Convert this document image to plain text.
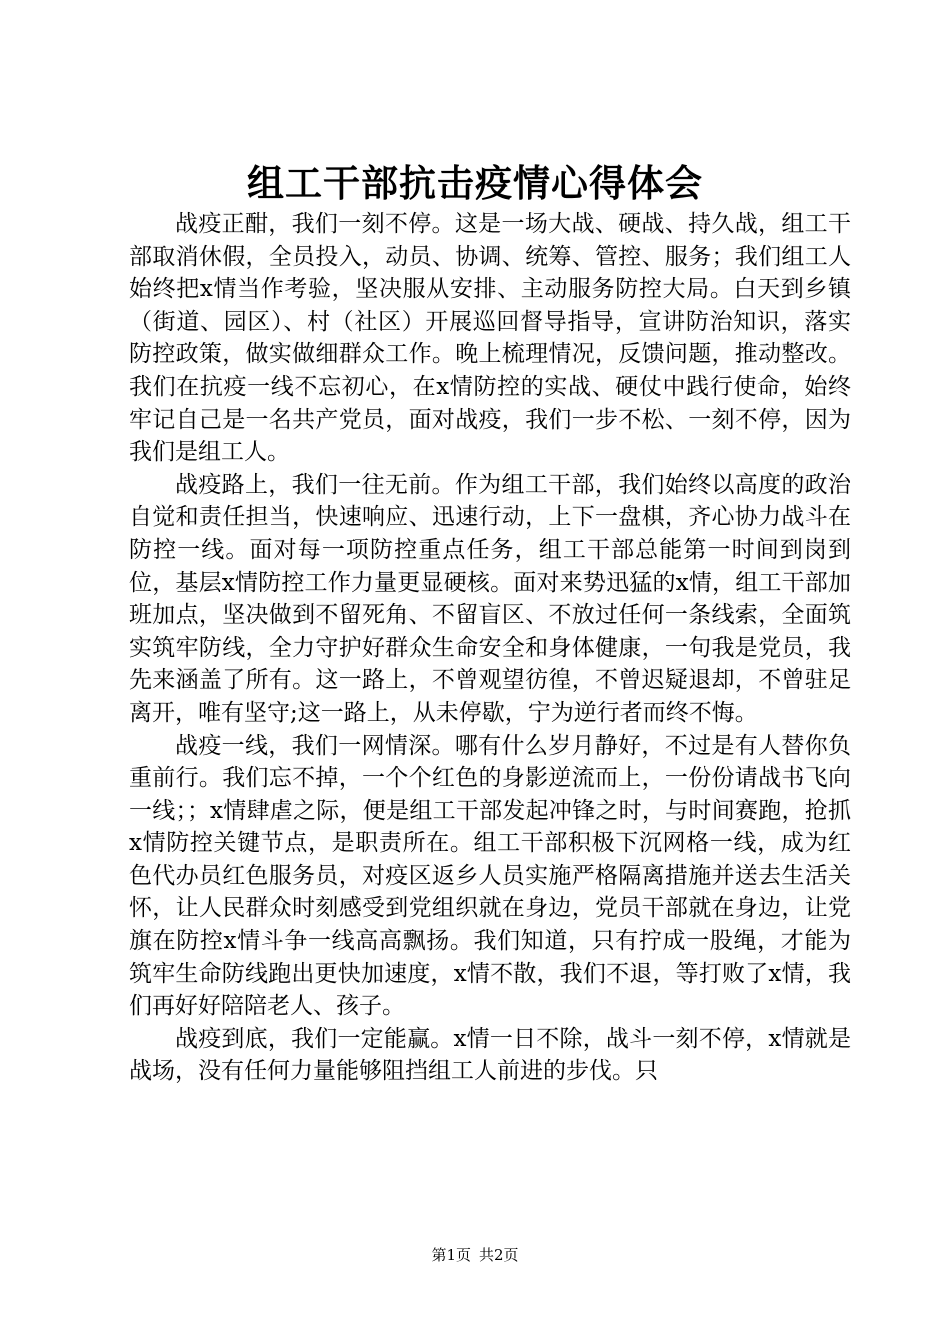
组工干部抗击疫情心得体会

战疫正酣，我们一刻不停。这是一场大战、硬战、持久战，组工干部取消休假，全员投入，动员、协调、统筹、管控、服务；我们组工人始终把x情当作考验，坚决服从安排、主动服务防控大局。白天到乡镇（街道、园区）、村（社区）开展巡回督导指导，宣讲防治知识，落实防控政策，做实做细群众工作。晚上梳理情况，反馈问题，推动整改。我们在抗疫一线不忘初心，在x情防控的实战、硬仗中践行使命，始终牢记自己是一名共产党员，面对战疫，我们一步不松、一刻不停，因为我们是组工人。

战疫路上，我们一往无前。作为组工干部，我们始终以高度的政治自觉和责任担当，快速响应、迅速行动，上下一盘棋，齐心协力战斗在防控一线。面对每一项防控重点任务，组工干部总能第一时间到岗到位，基层x情防控工作力量更显硬核。面对来势迅猛的x情，组工干部加班加点，坚决做到不留死角、不留盲区、不放过任何一条线索，全面筑实筑牢防线，全力守护好群众生命安全和身体健康，一句我是党员，我先来涵盖了所有。这一路上，不曾观望彷徨，不曾迟疑退却，不曾驻足离开，唯有坚守;这一路上，从未停歇，宁为逆行者而终不悔。

战疫一线，我们一网情深。哪有什么岁月静好，不过是有人替你负重前行。我们忘不掉，一个个红色的身影逆流而上，一份份请战书飞向一线；；x情肆虐之际，便是组工干部发起冲锋之时，与时间赛跑，抢抓x情防控关键节点，是职责所在。组工干部积极下沉网格一线，成为红色代办员红色服务员，对疫区返乡人员实施严格隔离措施并送去生活关怀，让人民群众时刻感受到党组织就在身边，党员干部就在身边，让党旗在防控x情斗争一线高高飘扬。我们知道，只有拧成一股绳，才能为筑牢生命防线跑出更快加速度，x情不散，我们不退，等打败了x情，我们再好好陪陪老人、孩子。

战疫到底，我们一定能赢。x情一日不除，战斗一刻不停，x情就是战场，没有任何力量能够阻挡组工人前进的步伐。只

第1页 共2页
